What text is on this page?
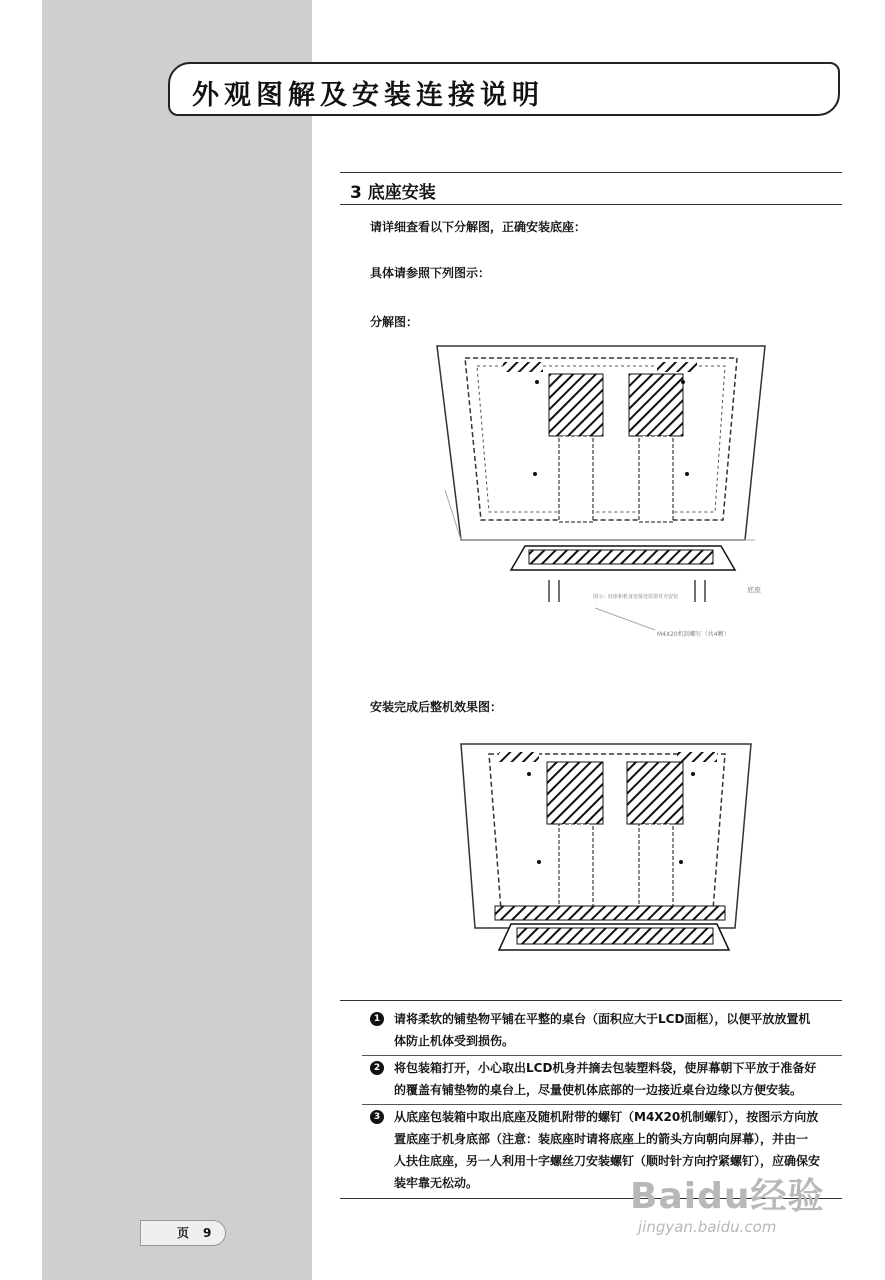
外观图解及安装连接说明
3 底座安装
请详细查看以下分解图，正确安装底座：
具体请参照下列图示：
分解图：
图示：底座和机身连接处需要对齐安装
底座
M4X20机制螺钉（共4颗）
安装完成后整机效果图：
1	请将柔软的铺垫物平铺在平整的桌台（面积应大于LCD面框），以便平放放置机
体防止机体受到损伤。
2	将包装箱打开，小心取出LCD机身并摘去包装塑料袋，使屏幕朝下平放于准备好
的覆盖有铺垫物的桌台上，尽量使机体底部的一边接近桌台边缘以方便安装。
3	从底座包装箱中取出底座及随机附带的螺钉（M4X20机制螺钉），按图示方向放
置底座于机身底部（注意：装底座时请将底座上的箭头方向朝向屏幕），并由一
人扶住底座，另一人利用十字螺丝刀安装螺钉（顺时针方向拧紧螺钉），应确保安
装牢靠无松动。
页 9
Baidu经验
jingyan.baidu.com
